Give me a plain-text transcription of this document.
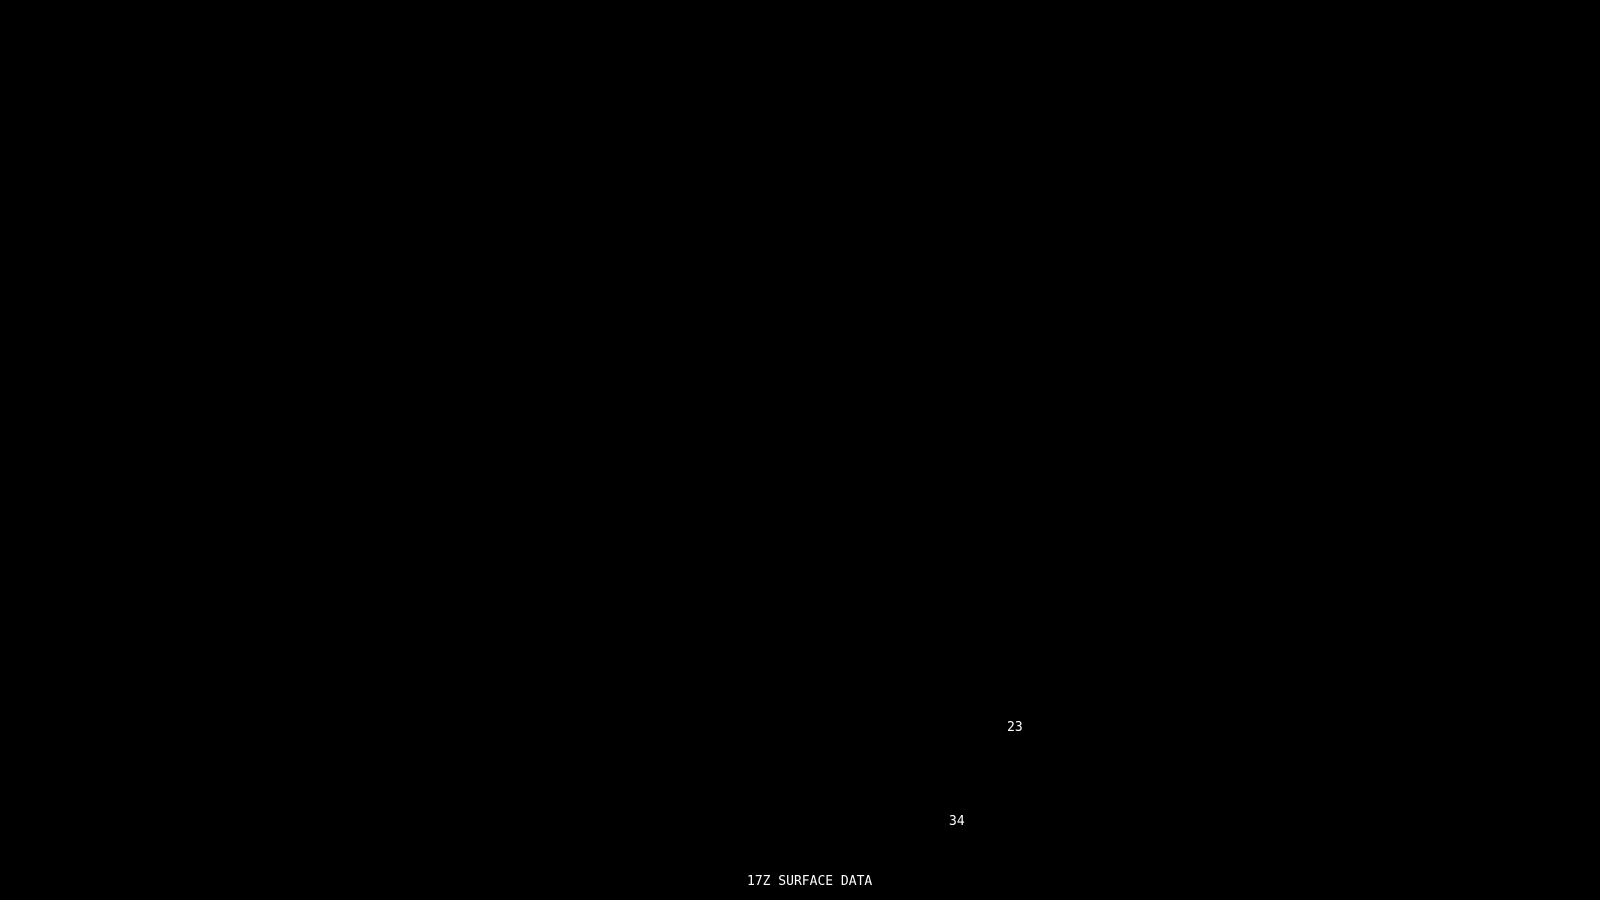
23
34
17Z SURFACE DATA
